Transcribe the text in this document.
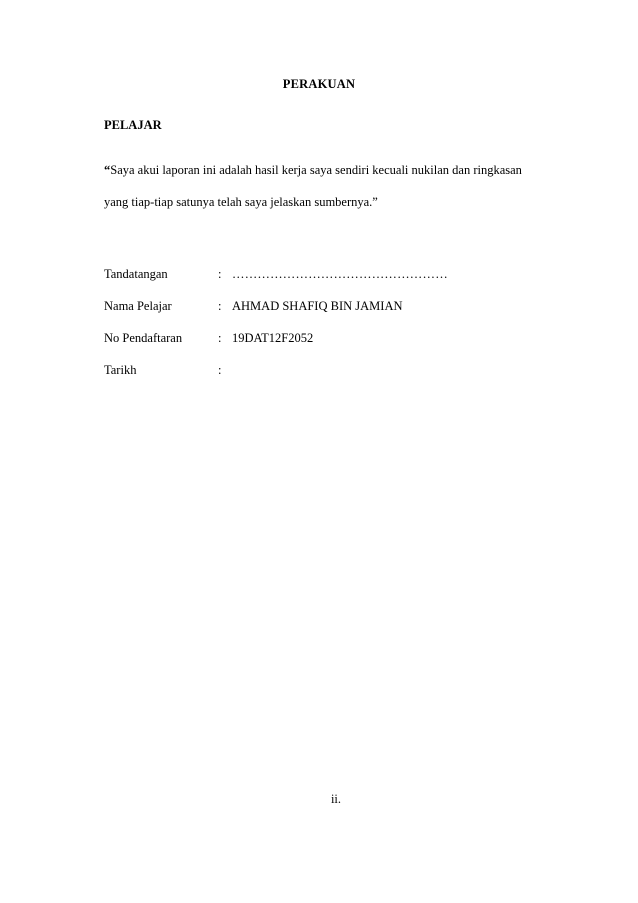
PERAKUAN
PELAJAR
“Saya akui laporan ini adalah hasil kerja saya sendiri kecuali nukilan dan ringkasan yang tiap-tiap satunya telah saya jelaskan sumbernya.”
Tandatangan	: ……………………………………………
Nama Pelajar	: AHMAD SHAFIQ BIN JAMIAN
No Pendaftaran	: 19DAT12F2052
Tarikh	:
ii.
